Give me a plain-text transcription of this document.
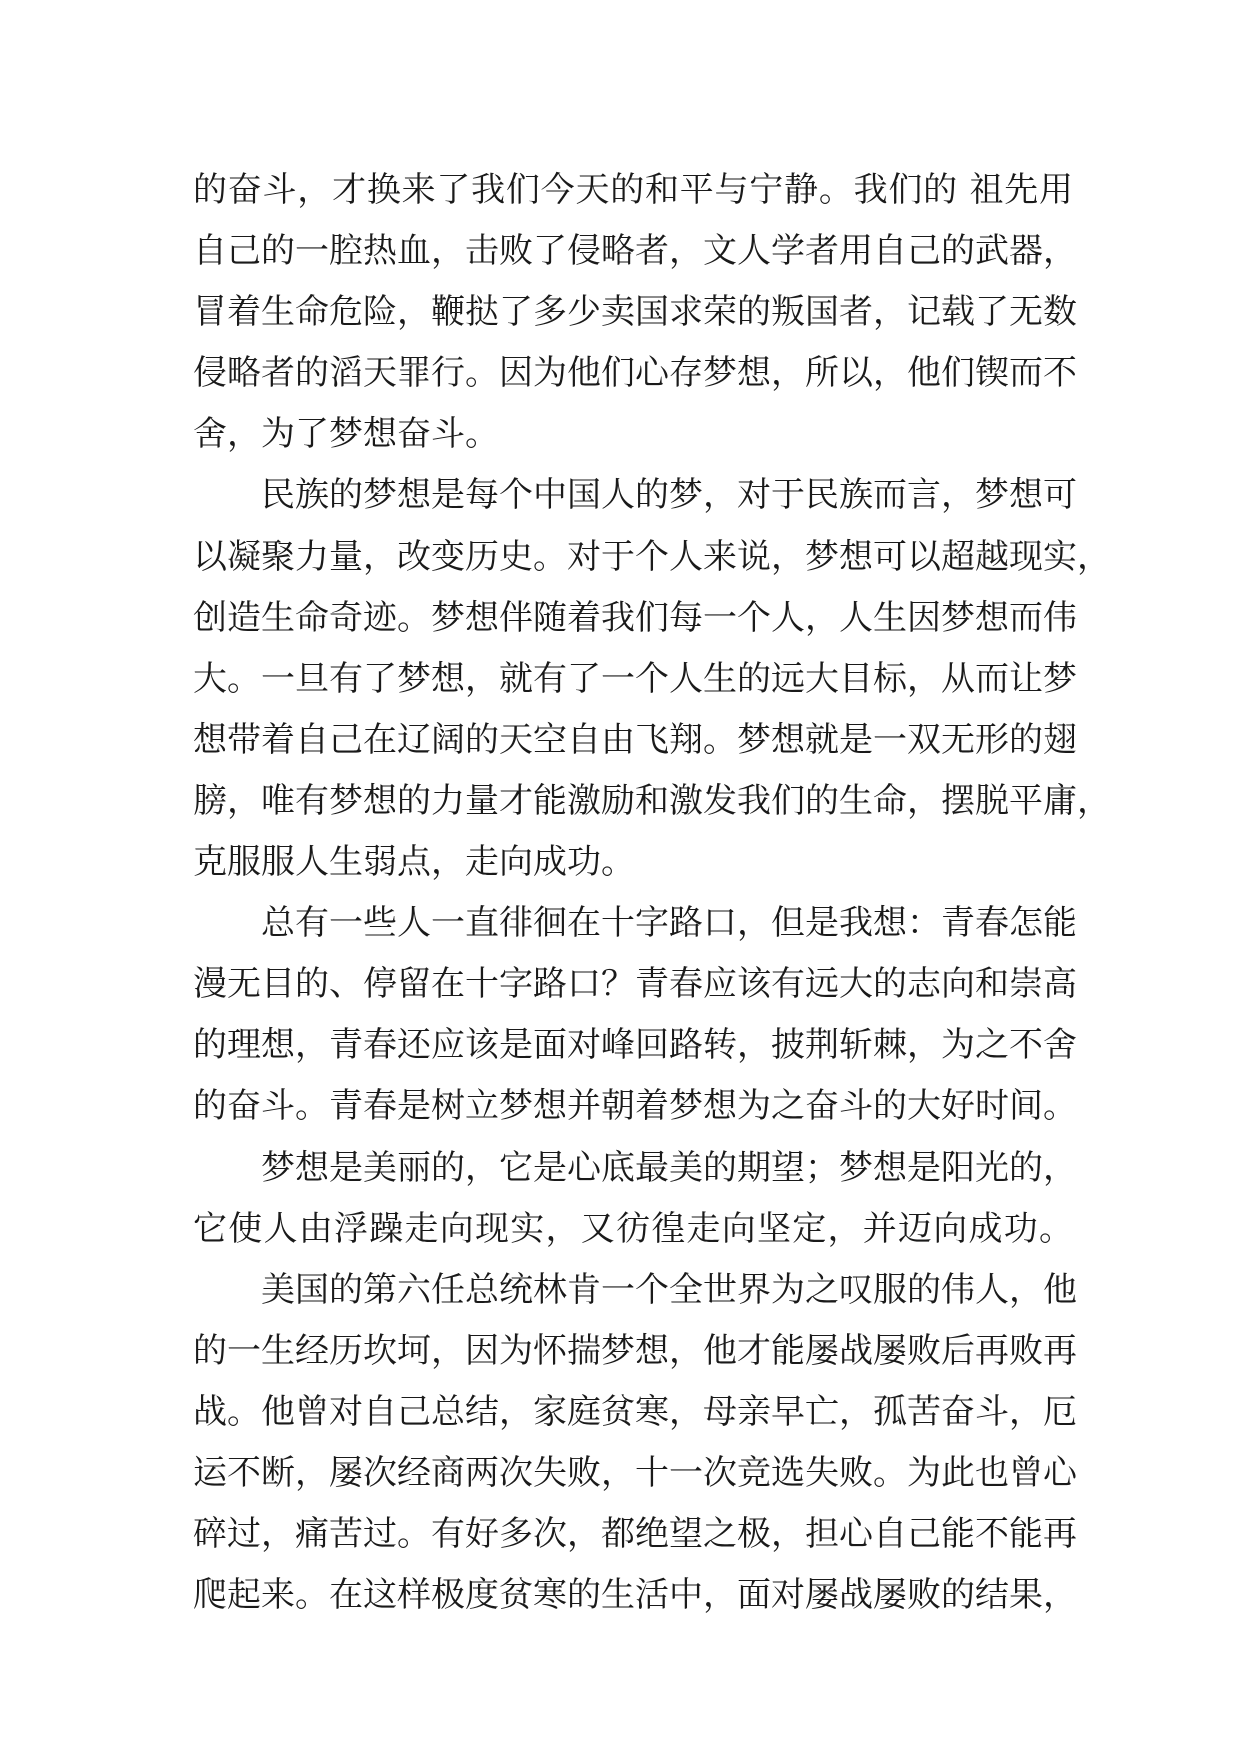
的奋斗，才换来了我们今天的和平与宁静。我们的 祖先用
自己的一腔热血，击败了侵略者，文人学者用自己的武器，
冒着生命危险，鞭挞了多少卖国求荣的叛国者，记载了无数
侵略者的滔天罪行。因为他们心存梦想，所以，他们锲而不
舍，为了梦想奋斗。
民族的梦想是每个中国人的梦，对于民族而言，梦想可
以凝聚力量，改变历史。对于个人来说，梦想可以超越现实，
创造生命奇迹。梦想伴随着我们每一个人，人生因梦想而伟
大。一旦有了梦想，就有了一个人生的远大目标，从而让梦
想带着自己在辽阔的天空自由飞翔。梦想就是一双无形的翅
膀，唯有梦想的力量才能激励和激发我们的生命，摆脱平庸，
克服服人生弱点，走向成功。
总有一些人一直徘徊在十字路口，但是我想：青春怎能
漫无目的、停留在十字路口？青春应该有远大的志向和崇高
的理想，青春还应该是面对峰回路转，披荆斩棘，为之不舍
的奋斗。青春是树立梦想并朝着梦想为之奋斗的大好时间。
梦想是美丽的，它是心底最美的期望；梦想是阳光的，
它使人由浮躁走向现实，又彷徨走向坚定，并迈向成功。
美国的第六任总统林肯一个全世界为之叹服的伟人，他
的一生经历坎坷，因为怀揣梦想，他才能屡战屡败后再败再
战。他曾对自己总结，家庭贫寒，母亲早亡，孤苦奋斗，厄
运不断，屡次经商两次失败，十一次竞选失败。为此也曾心
碎过，痛苦过。有好多次，都绝望之极，担心自己能不能再
爬起来。在这样极度贫寒的生活中，面对屡战屡败的结果，
